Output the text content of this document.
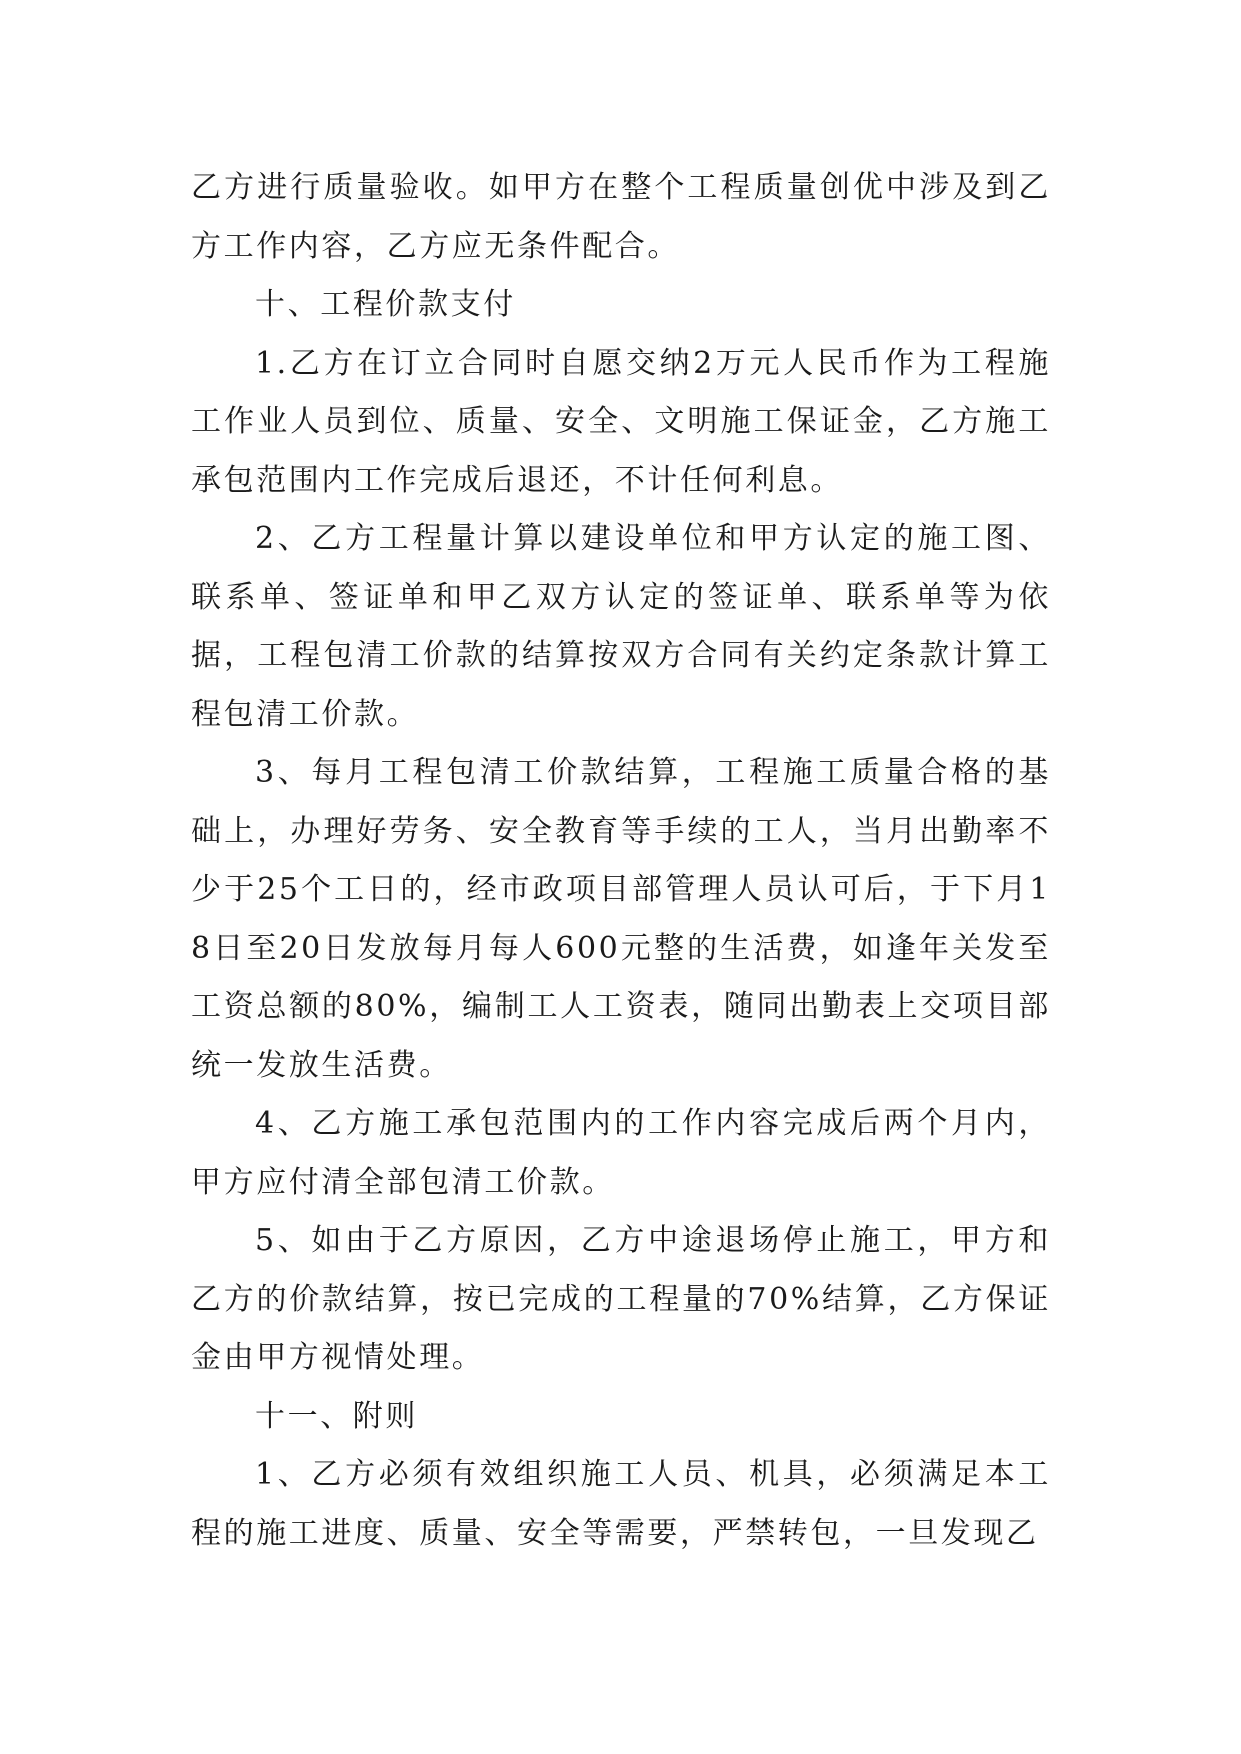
乙方进行质量验收。如甲方在整个工程质量创优中涉及到乙方工作内容，乙方应无条件配合。

十、工程价款支付

1.乙方在订立合同时自愿交纳2万元人民币作为工程施工作业人员到位、质量、安全、文明施工保证金，乙方施工承包范围内工作完成后退还，不计任何利息。

2、乙方工程量计算以建设单位和甲方认定的施工图、联系单、签证单和甲乙双方认定的签证单、联系单等为依据，工程包清工价款的结算按双方合同有关约定条款计算工程包清工价款。

3、每月工程包清工价款结算，工程施工质量合格的基础上，办理好劳务、安全教育等手续的工人，当月出勤率不少于25个工日的，经市政项目部管理人员认可后，于下月18日至20日发放每月每人600元整的生活费，如逢年关发至工资总额的80%，编制工人工资表，随同出勤表上交项目部统一发放生活费。

4、乙方施工承包范围内的工作内容完成后两个月内，甲方应付清全部包清工价款。

5、如由于乙方原因，乙方中途退场停止施工，甲方和乙方的价款结算，按已完成的工程量的70%结算，乙方保证金由甲方视情处理。

十一、附则

1、乙方必须有效组织施工人员、机具，必须满足本工程的施工进度、质量、安全等需要，严禁转包，一旦发现乙
